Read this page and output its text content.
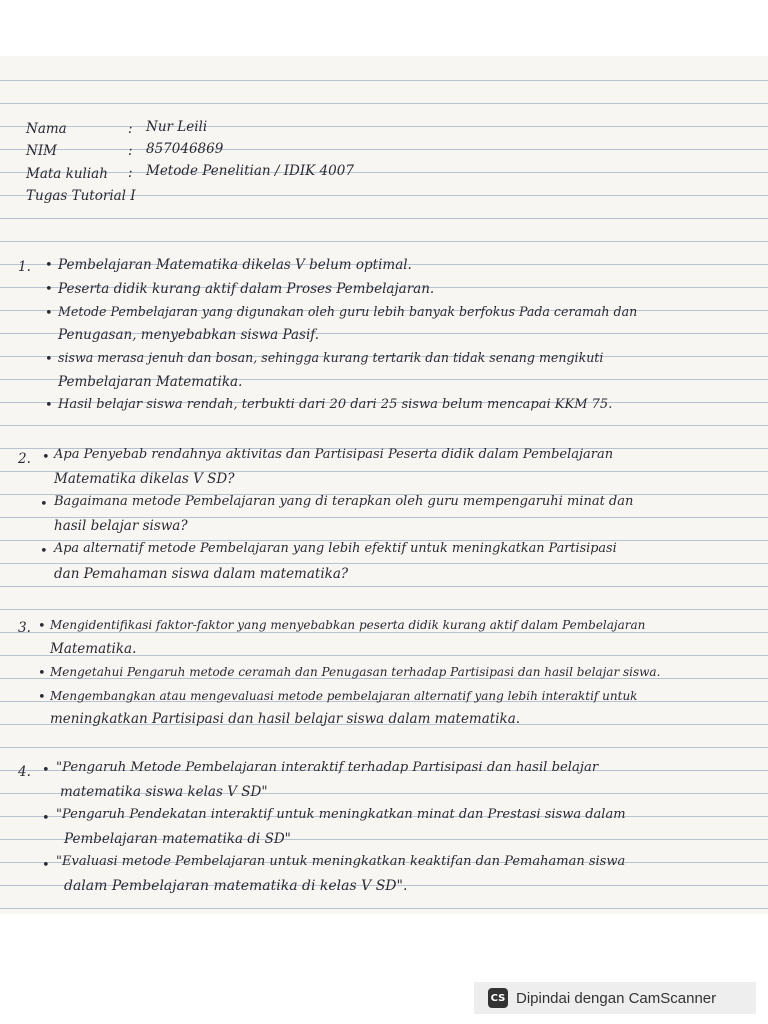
Nama	: Nur Leili
NIM	: 857046869
Mata kuliah : Metode Penelitian / IDIK 4007
Tugas Tutorial I
1. • Pembelajaran Matematika dikelas V belum optimal.
• Peserta didik kurang aktif dalam Proses Pembelajaran.
• Metode Pembelajaran yang digunakan oleh guru lebih banyak berfokus Pada ceramah dan
Penugasan, menyebabkan siswa Pasif.
• siswa merasa jenuh dan bosan, sehingga kurang tertarik dan tidak senang mengikuti
Pembelajaran Matematika.
• Hasil belajar siswa rendah, terbukti dari 20 dari 25 siswa belum mencapai KKM 75.
2. • Apa Penyebab rendahnya aktivitas dan Partisipasi Peserta didik dalam Pembelajaran
Matematika dikelas V SD?
• Bagaimana metode Pembelajaran yang di terapkan oleh guru mempengaruhi minat dan
hasil belajar siswa?
• Apa alternatif metode Pembelajaran yang lebih efektif untuk meningkatkan Partisipasi
dan Pemahaman siswa dalam matematika?
3. • Mengidentifikasi faktor-faktor yang menyebabkan peserta didik kurang aktif dalam Pembelajaran
Matematika.
• Mengetahui Pengaruh metode ceramah dan Penugasan terhadap Partisipasi dan hasil belajar siswa.
• Mengembangkan atau mengevaluasi metode pembelajaran alternatif yang lebih interaktif untuk
meningkatkan Partisipasi dan hasil belajar siswa dalam matematika.
4. • "Pengaruh Metode Pembelajaran interaktif terhadap Partisipasi dan hasil belajar
matematika siswa kelas V SD"
• "Pengaruh Pendekatan interaktif untuk meningkatkan minat dan Prestasi siswa dalam
Pembelajaran matematika di SD"
• "Evaluasi metode Pembelajaran untuk meningkatkan keaktifan dan Pemahaman siswa
dalam Pembelajaran matematika di kelas V SD".
CS Dipindai dengan CamScanner
